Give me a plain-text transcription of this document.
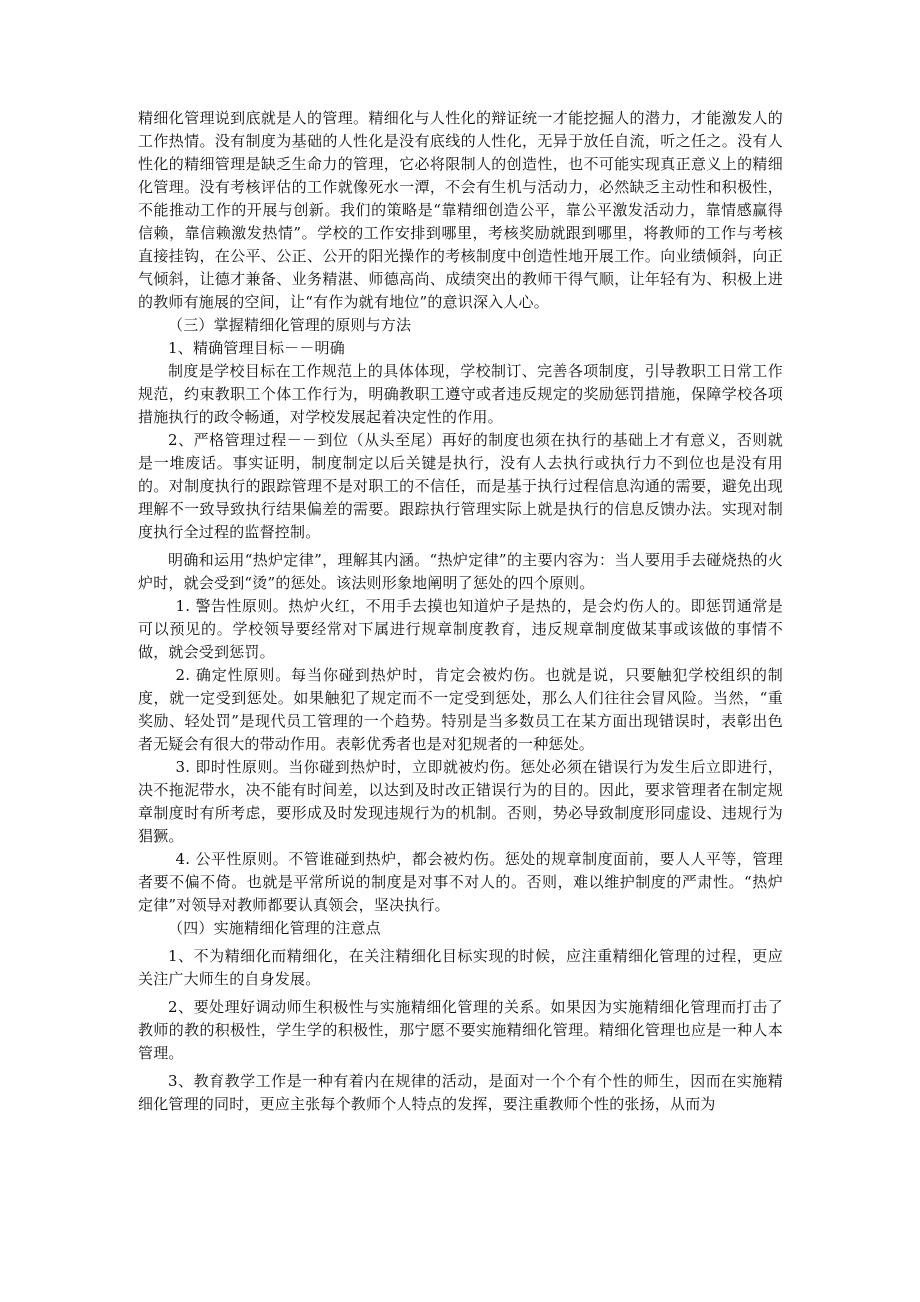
精细化管理说到底就是人的管理。精细化与人性化的辩证统一才能挖掘人的潜力，才能激发人的工作热情。没有制度为基础的人性化是没有底线的人性化，无异于放任自流，听之任之。没有人性化的精细管理是缺乏生命力的管理，它必将限制人的创造性，也不可能实现真正意义上的精细化管理。没有考核评估的工作就像死水一潭，不会有生机与活动力，必然缺乏主动性和积极性，不能推动工作的开展与创新。我们的策略是“靠精细创造公平，靠公平激发活动力，靠情感赢得信赖，靠信赖激发热情”。学校的工作安排到哪里，考核奖励就跟到哪里，将教师的工作与考核直接挂钩，在公平、公正、公开的阳光操作的考核制度中创造性地开展工作。向业绩倾斜，向正气倾斜，让德才兼备、业务精湛、师德高尚、成绩突出的教师干得气顺，让年轻有为、积极上进的教师有施展的空间，让“有作为就有地位”的意识深入人心。

（三）掌握精细化管理的原则与方法

1、精确管理目标－－明确

制度是学校目标在工作规范上的具体体现，学校制订、完善各项制度，引导教职工日常工作规范，约束教职工个体工作行为，明确教职工遵守或者违反规定的奖励惩罚措施，保障学校各项措施执行的政令畅通，对学校发展起着决定性的作用。

2、严格管理过程－－到位（从头至尾）再好的制度也须在执行的基础上才有意义，否则就是一堆废话。事实证明，制度制定以后关键是执行，没有人去执行或执行力不到位也是没有用的。对制度执行的跟踪管理不是对职工的不信任，而是基于执行过程信息沟通的需要，避免出现理解不一致导致执行结果偏差的需要。跟踪执行管理实际上就是执行的信息反馈办法。实现对制度执行全过程的监督控制。

明确和运用“热炉定律”，理解其内涵。“热炉定律”的主要内容为：当人要用手去碰烧热的火炉时，就会受到“烫”的惩处。该法则形象地阐明了惩处的四个原则。

1. 警告性原则。热炉火红，不用手去摸也知道炉子是热的，是会灼伤人的。即惩罚通常是可以预见的。学校领导要经常对下属进行规章制度教育，违反规章制度做某事或该做的事情不做，就会受到惩罚。

2. 确定性原则。每当你碰到热炉时，肯定会被灼伤。也就是说，只要触犯学校组织的制度，就一定受到惩处。如果触犯了规定而不一定受到惩处，那么人们往往会冒风险。当然，“重奖励、轻处罚”是现代员工管理的一个趋势。特别是当多数员工在某方面出现错误时，表彰出色者无疑会有很大的带动作用。表彰优秀者也是对犯规者的一种惩处。

3. 即时性原则。当你碰到热炉时，立即就被灼伤。惩处必须在错误行为发生后立即进行，决不拖泥带水，决不能有时间差，以达到及时改正错误行为的目的。因此，要求管理者在制定规章制度时有所考虑，要形成及时发现违规行为的机制。否则，势必导致制度形同虚设、违规行为猖獗。

4. 公平性原则。不管谁碰到热炉，都会被灼伤。惩处的规章制度面前，要人人平等，管理者要不偏不倚。也就是平常所说的制度是对事不对人的。否则，难以维护制度的严肃性。“热炉定律”对领导对教师都要认真领会，坚决执行。

（四）实施精细化管理的注意点

1、不为精细化而精细化，在关注精细化目标实现的时候，应注重精细化管理的过程，更应关注广大师生的自身发展。

2、要处理好调动师生积极性与实施精细化管理的关系。如果因为实施精细化管理而打击了教师的教的积极性，学生学的积极性，那宁愿不要实施精细化管理。精细化管理也应是一种人本管理。

3、教育教学工作是一种有着内在规律的活动，是面对一个个有个性的师生，因而在实施精细化管理的同时，更应主张每个教师个人特点的发挥，要注重教师个性的张扬，从而为
